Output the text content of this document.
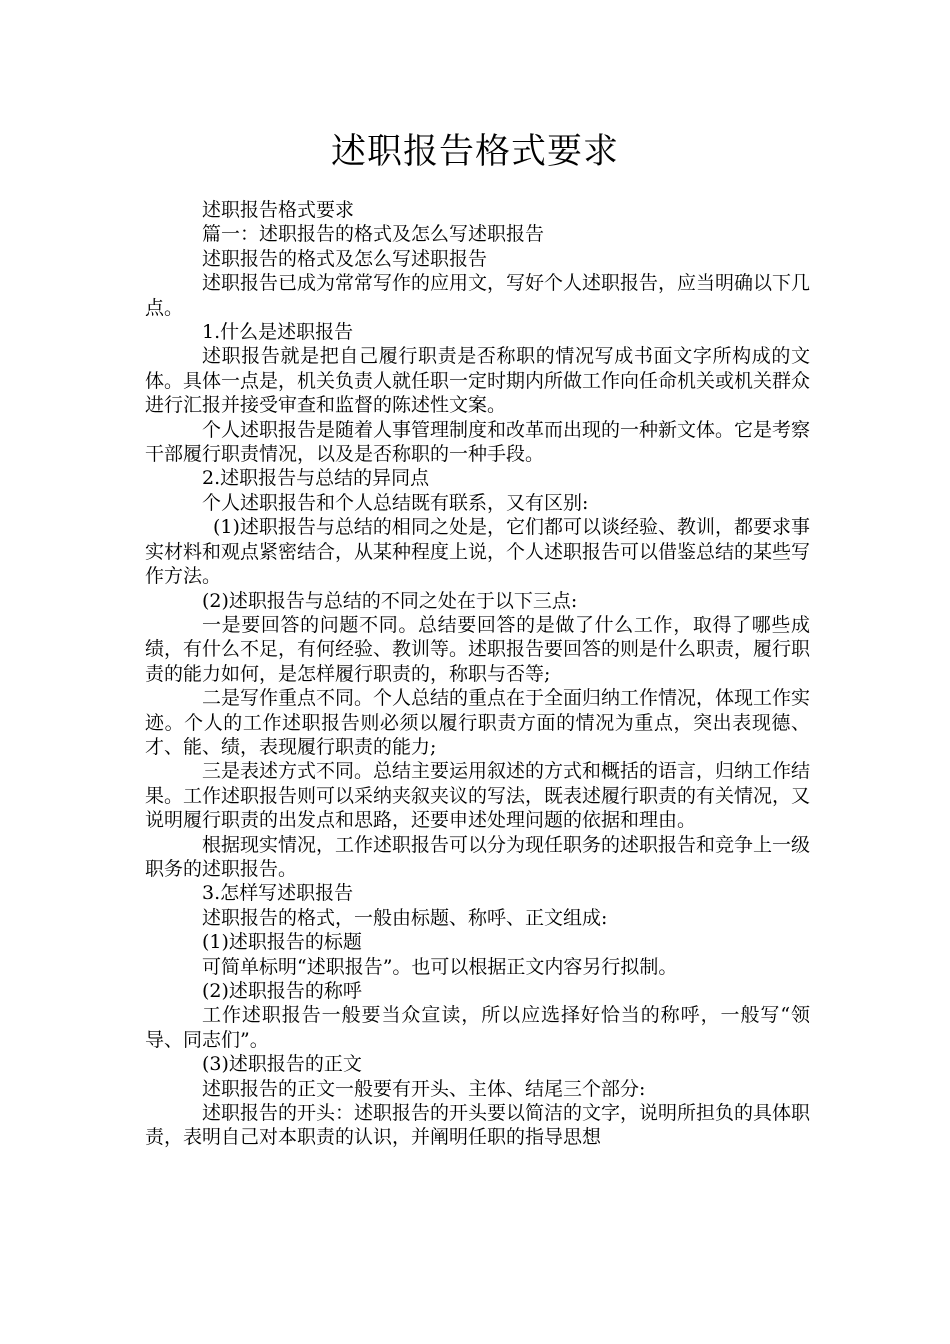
述职报告格式要求

述职报告格式要求

篇一：述职报告的格式及怎么写述职报告

述职报告的格式及怎么写述职报告

述职报告已成为常常写作的应用文，写好个人述职报告，应当明确以下几点。

1.什么是述职报告

述职报告就是把自己履行职责是否称职的情况写成书面文字所构成的文体。具体一点是，机关负责人就任职一定时期内所做工作向任命机关或机关群众进行汇报并接受审查和监督的陈述性文案。

个人述职报告是随着人事管理制度和改革而出现的一种新文体。它是考察干部履行职责情况，以及是否称职的一种手段。

2.述职报告与总结的异同点

个人述职报告和个人总结既有联系，又有区别:

(1)述职报告与总结的相同之处是，它们都可以谈经验、教训，都要求事实材料和观点紧密结合，从某种程度上说，个人述职报告可以借鉴总结的某些写作方法。

(2)述职报告与总结的不同之处在于以下三点:

一是要回答的问题不同。总结要回答的是做了什么工作，取得了哪些成绩，有什么不足，有何经验、教训等。述职报告要回答的则是什么职责，履行职责的能力如何，是怎样履行职责的，称职与否等;

二是写作重点不同。个人总结的重点在于全面归纳工作情况，体现工作实迹。个人的工作述职报告则必须以履行职责方面的情况为重点，突出表现德、才、能、绩，表现履行职责的能力;

三是表述方式不同。总结主要运用叙述的方式和概括的语言，归纳工作结果。工作述职报告则可以采纳夹叙夹议的写法，既表述履行职责的有关情况，又说明履行职责的出发点和思路，还要申述处理问题的依据和理由。

根据现实情况，工作述职报告可以分为现任职务的述职报告和竞争上一级职务的述职报告。

3.怎样写述职报告

述职报告的格式，一般由标题、称呼、正文组成:

(1)述职报告的标题

可简单标明“述职报告”。也可以根据正文内容另行拟制。

(2)述职报告的称呼

工作述职报告一般要当众宣读，所以应选择好恰当的称呼，一般写“领导、同志们”。

(3)述职报告的正文

述职报告的正文一般要有开头、主体、结尾三个部分:

述职报告的开头：述职报告的开头要以简洁的文字，说明所担负的具体职责，表明自己对本职责的认识，并阐明任职的指导思想
